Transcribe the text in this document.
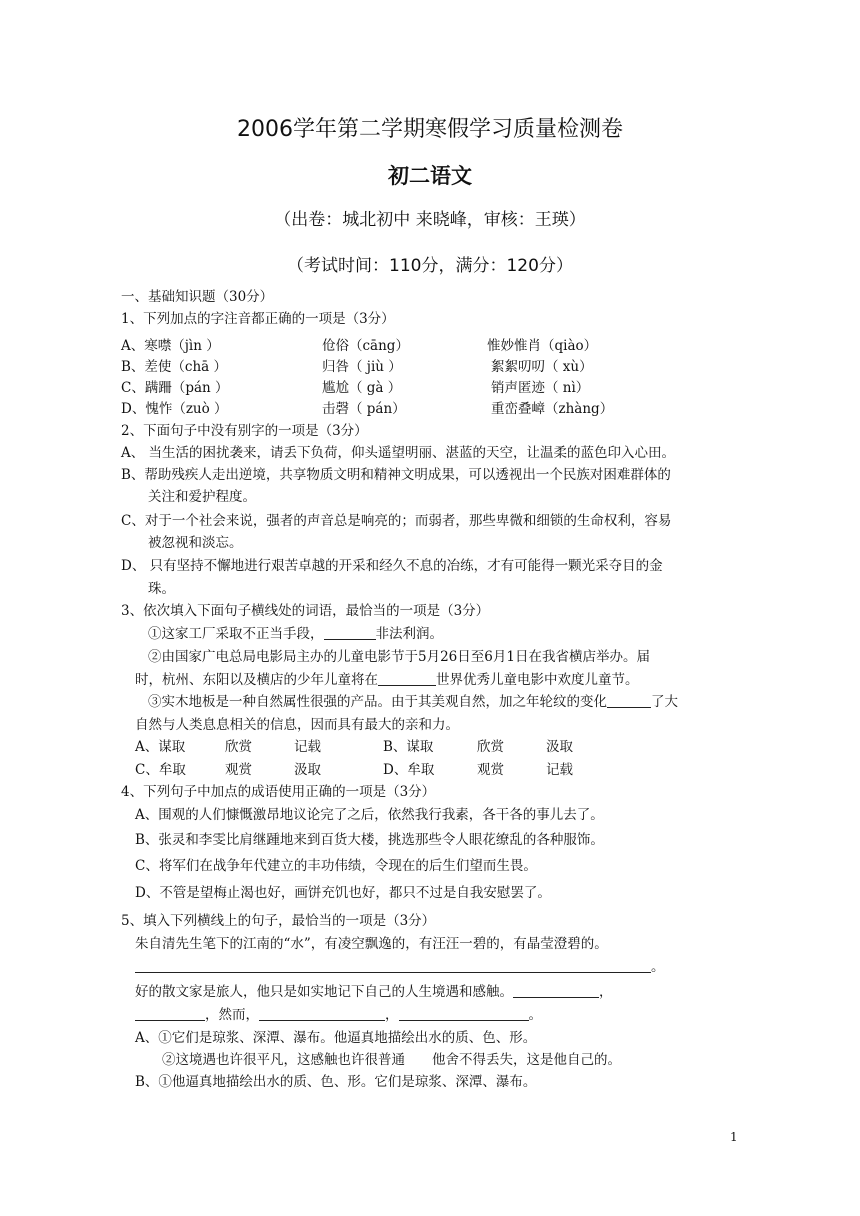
2006学年第二学期寒假学习质量检测卷
初二语文
（出卷：城北初中 来晓峰，审核：王瑛）
（考试时间：110分，满分：120分）
一、基础知识题（30分）
1、下列加点的字注音都正确的一项是（3分）
A、寒噤（jìn ）	伧俗（cāng）	惟妙惟肖（qiào）
B、差使（chā ）	归咎（ jiù ）	絮絮叨叨（ xù）
C、蹒跚（pán ）	尴尬（ gà ）	销声匿迹（ nì）
D、愧怍（zuò ）	击磬（ pán）	重峦叠嶂（zhàng）
2、下面句子中没有别字的一项是（3分）
A、 当生活的困扰袭来，请丢下负荷，仰头遥望明丽、湛蓝的天空，让温柔的蓝色印入心田。
B、帮助残疾人走出逆境，共享物质文明和精神文明成果，可以透视出一个民族对困难群体的
关注和爱护程度。
C、对于一个社会来说，强者的声音总是响亮的；而弱者，那些卑微和细锁的生命权利，容易
被忽视和淡忘。
D、 只有坚持不懈地进行艰苦卓越的开采和经久不息的冶练，才有可能得一颗光采夺目的金
珠。
3、依次填入下面句子横线处的词语，最恰当的一项是（3分）
①这家工厂采取不正当手段，	非法利润。
②由国家广电总局电影局主办的儿童电影节于5月26日至6月1日在我省横店举办。届
时，杭州、东阳以及横店的少年儿童将在	世界优秀儿童电影中欢度儿童节。
③实木地板是一种自然属性很强的产品。由于其美观自然，加之年轮纹的变化	了大
自然与人类息息相关的信息，因而具有最大的亲和力。
A、谋取	欣赏	记载	B、谋取	欣赏	汲取
C、牟取	观赏	汲取	D、牟取	观赏	记载
4、下列句子中加点的成语使用正确的一项是（3分）
A、围观的人们慷慨激昂地议论完了之后，依然我行我素，各干各的事儿去了。
B、张灵和李雯比肩继踵地来到百货大楼，挑选那些令人眼花缭乱的各种服饰。
C、将军们在战争年代建立的丰功伟绩，令现在的后生们望而生畏。
D、不管是望梅止渴也好，画饼充饥也好，都只不过是自我安慰罢了。
5、填入下列横线上的句子，最恰当的一项是（3分）
朱自清先生笔下的江南的“水”，有凌空飘逸的，有汪汪一碧的，有晶莹澄碧的。
。
好的散文家是旅人，他只是如实地记下自己的人生境遇和感触。	，
，然而，	，	。
A、①它们是琼浆、深潭、瀑布。他逼真地描绘出水的质、色、形。
②这境遇也许很平凡，这感触也许很普通　　他舍不得丢失，这是他自己的。
B、①他逼真地描绘出水的质、色、形。它们是琼浆、深潭、瀑布。
1
